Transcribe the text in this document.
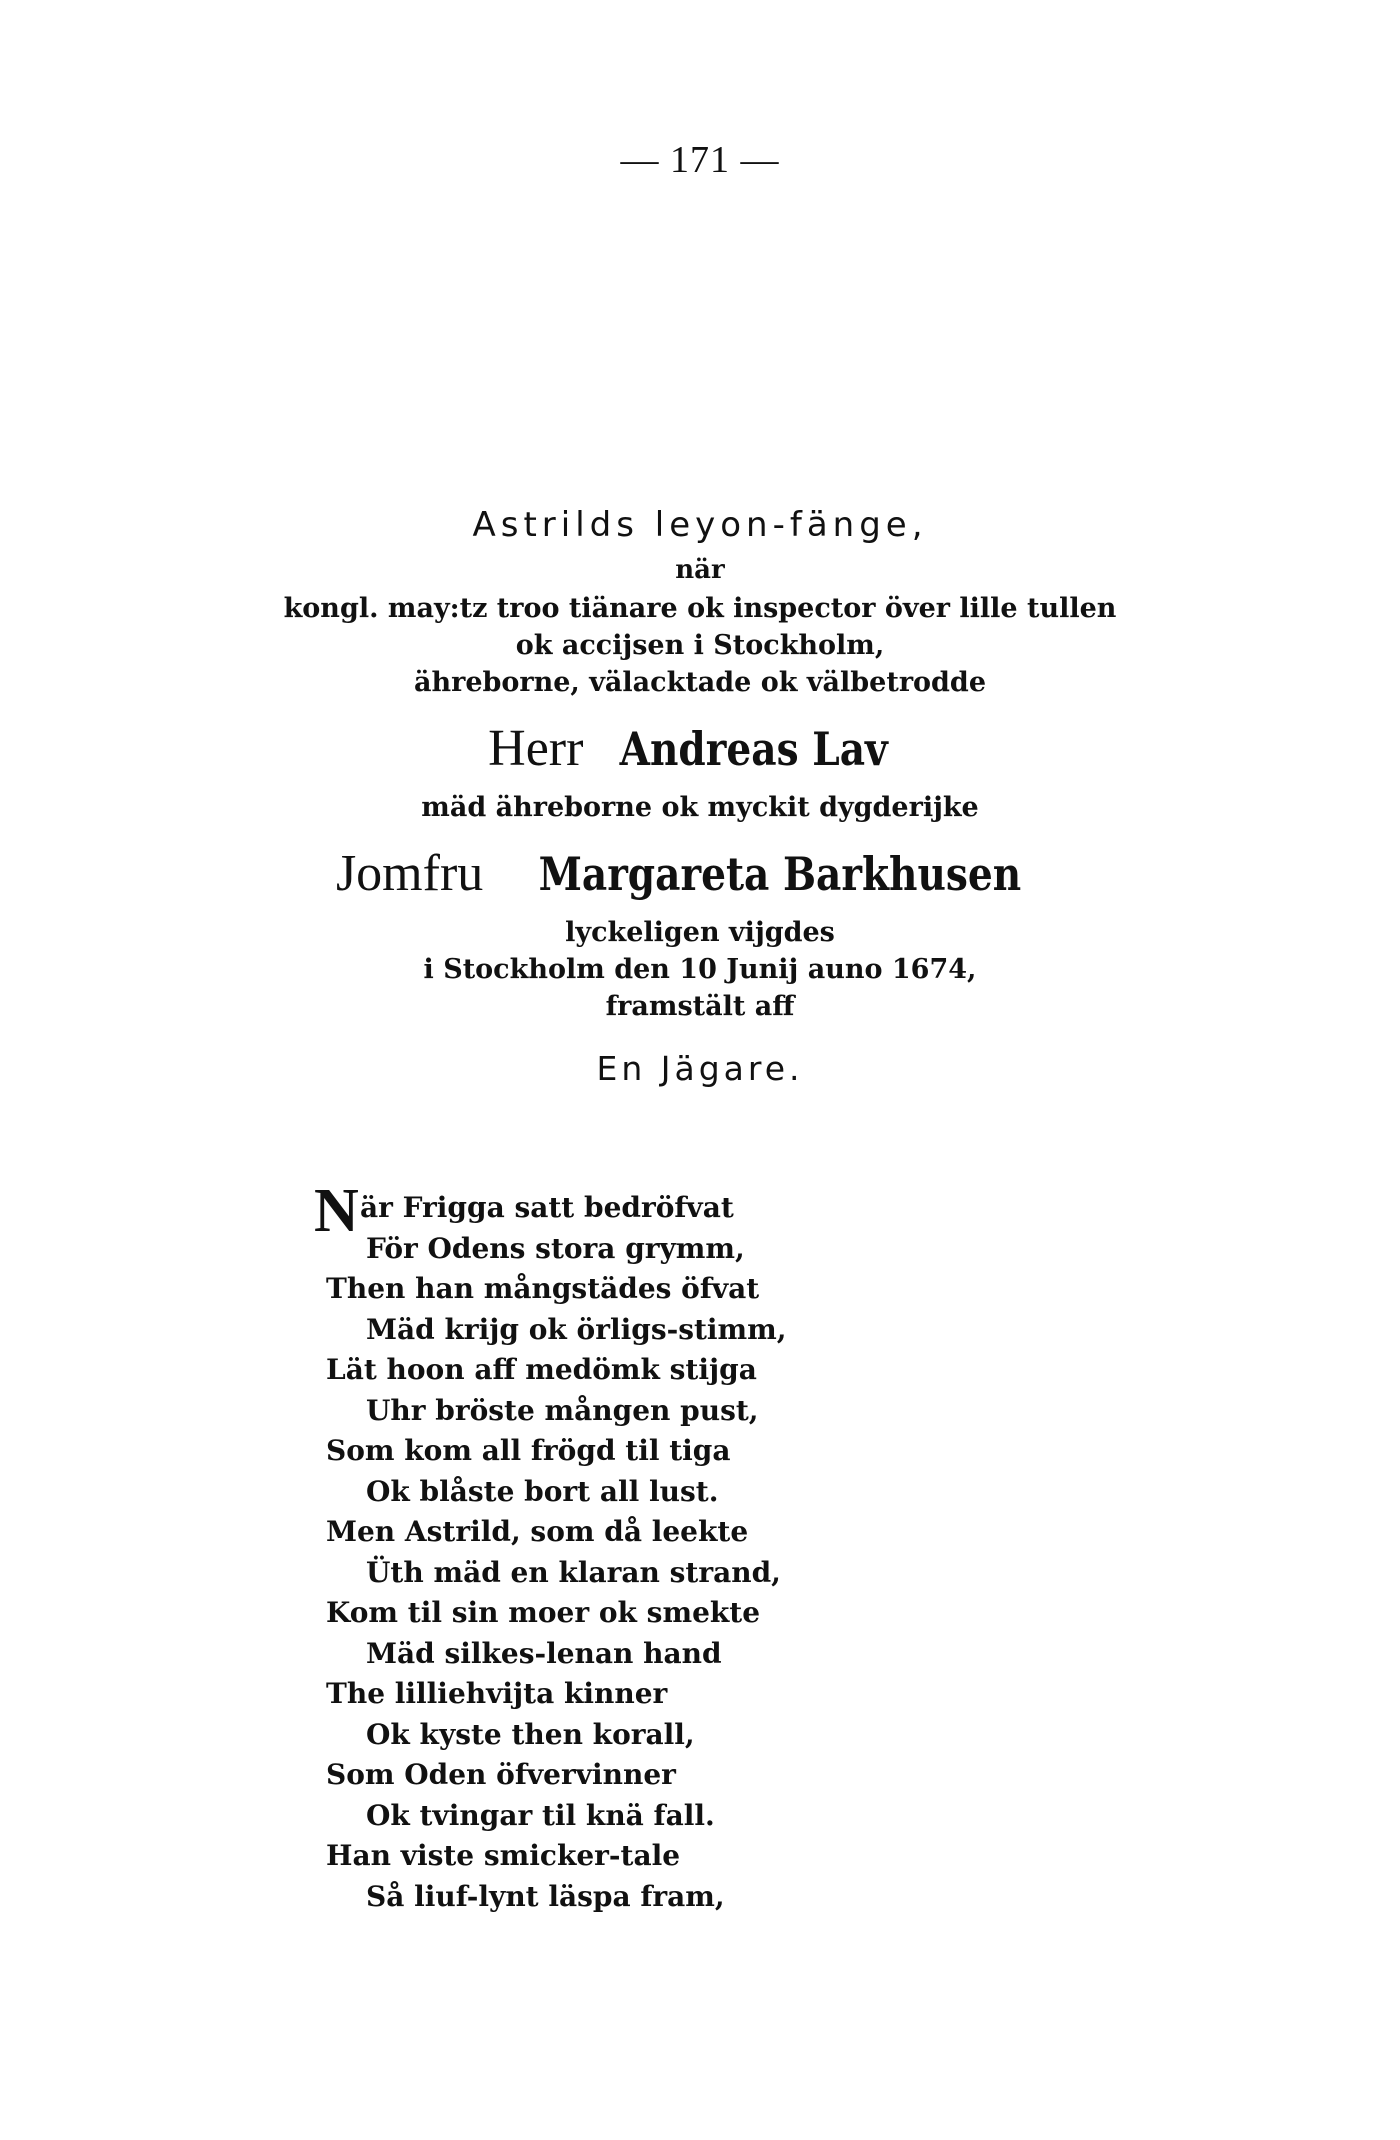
— 171 —
Astrilds leyon-fänge,
när
kongl. may:tz troo tiänare ok inspector över lille tullen
ok accijsen i Stockholm,
ähreborne, välacktade ok välbetrodde
Herr Andreas Lav
mäd ähreborne ok myckit dygderijke
Jomfru Margareta Barkhusen
lyckeligen vijgdes
i Stockholm den 10 Junij auno 1674,
framstält aff
En Jägare.
N är Frigga satt bedröfvat
För Odens stora grymm,
Then han mångstädes öfvat
Mäd krijg ok örligs-stimm,
Lät hoon aff medömk stijga
Uhr bröste mången pust,
Som kom all frögd til tiga
Ok blåste bort all lust.
Men Astrild, som då leekte
Üth mäd en klaran strand,
Kom til sin moer ok smekte
Mäd silkes-lenan hand
The lilliehvijta kinner
Ok kyste then korall,
Som Oden öfvervinner
Ok tvingar til knä fall.
Han viste smicker-tale
Så liuf-lynt läspa fram,
